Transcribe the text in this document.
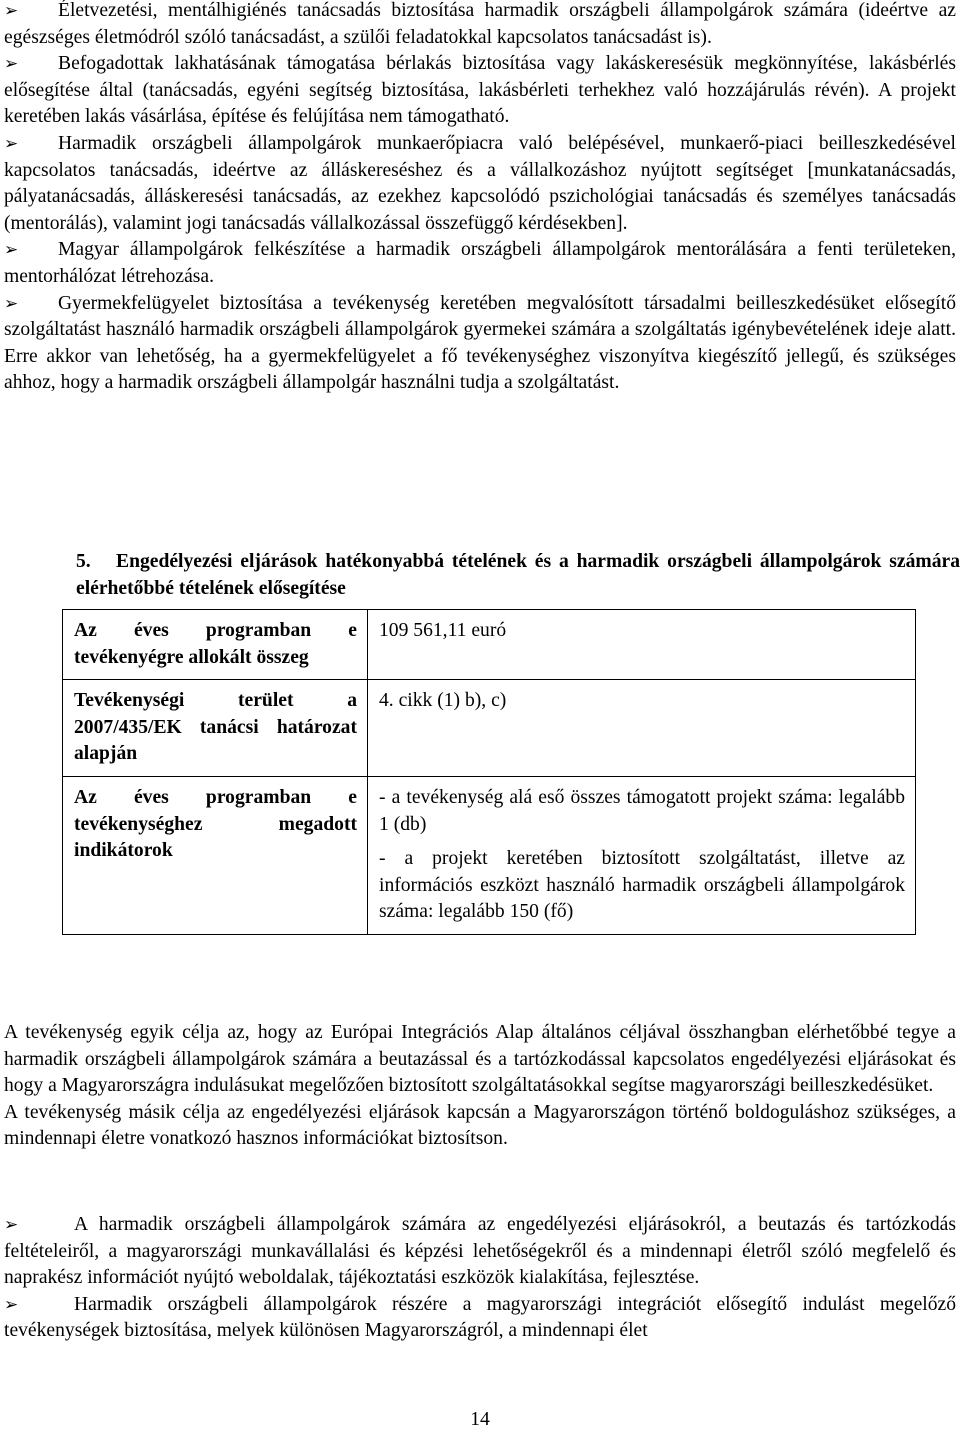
➢ Életvezetési, mentálhigiénés tanácsadás biztosítása harmadik országbeli állampolgárok számára (ideértve az egészséges életmódról szóló tanácsadást, a szülői feladatokkal kapcsolatos tanácsadást is).

➢ Befogadottak lakhatásának támogatása bérlakás biztosítása vagy lakáskeresésük megkönnyítése, lakásbérlés elősegítése által (tanácsadás, egyéni segítség biztosítása, lakásbérleti terhekhez való hozzájárulás révén). A projekt keretében lakás vásárlása, építése és felújítása nem támogatható.

➢ Harmadik országbeli állampolgárok munkaerőpiacra való belépésével, munkaerő-piaci beilleszkedésével kapcsolatos tanácsadás, ideértve az álláskereséshez és a vállalkozáshoz nyújtott segítséget [munkatanácsadás, pályatanácsadás, álláskeresési tanácsadás, az ezekhez kapcsolódó pszichológiai tanácsadás és személyes tanácsadás (mentorálás), valamint jogi tanácsadás vállalkozással összefüggő kérdésekben].

➢ Magyar állampolgárok felkészítése a harmadik országbeli állampolgárok mentorálására a fenti területeken, mentorhálózat létrehozása.

➢ Gyermekfelügyelet biztosítása a tevékenység keretében megvalósított társadalmi beilleszkedésüket elősegítő szolgáltatást használó harmadik országbeli állampolgárok gyermekei számára a szolgáltatás igénybevételének ideje alatt. Erre akkor van lehetőség, ha a gyermekfelügyelet a fő tevékenységhez viszonyítva kiegészítő jellegű, és szükséges ahhoz, hogy a harmadik országbeli állampolgár használni tudja a szolgáltatást.

5. Engedélyezési eljárások hatékonyabbá tételének és a harmadik országbeli állampolgárok számára elérhetőbbé tételének elősegítése
Az éves programban e tevékenyégre allokált összeg	109 561,11 euró

Tevékenységi terület a 2007/435/EK tanácsi határozat alapján	4. cikk (1) b), c)

Az éves programban e tevékenységhez megadott indikátorok	- a tevékenység alá eső összes támogatott projekt száma: legalább 1 (db)

- a projekt keretében biztosított szolgáltatást, illetve az információs eszközt használó harmadik országbeli állampolgárok száma: legalább 150 (fő)

A tevékenység egyik célja az, hogy az Európai Integrációs Alap általános céljával összhangban elérhetőbbé tegye a harmadik országbeli állampolgárok számára a beutazással és a tartózkodással kapcsolatos engedélyezési eljárásokat és hogy a Magyarországra indulásukat megelőzően biztosított szolgáltatásokkal segítse magyarországi beilleszkedésüket.

A tevékenység másik célja az engedélyezési eljárások kapcsán a Magyarországon történő boldoguláshoz szükséges, a mindennapi életre vonatkozó hasznos információkat biztosítson.

➢	A harmadik országbeli állampolgárok számára az engedélyezési eljárásokról, a beutazás és tartózkodás feltételeiről, a magyarországi munkavállalási és képzési lehetőségekről és a mindennapi életről szóló megfelelő és naprakész információt nyújtó weboldalak, tájékoztatási eszközök kialakítása, fejlesztése.

➢	Harmadik országbeli állampolgárok részére a magyarországi integrációt elősegítő indulást megelőző tevékenységek biztosítása, melyek különösen Magyarországról, a mindennapi élet

14
